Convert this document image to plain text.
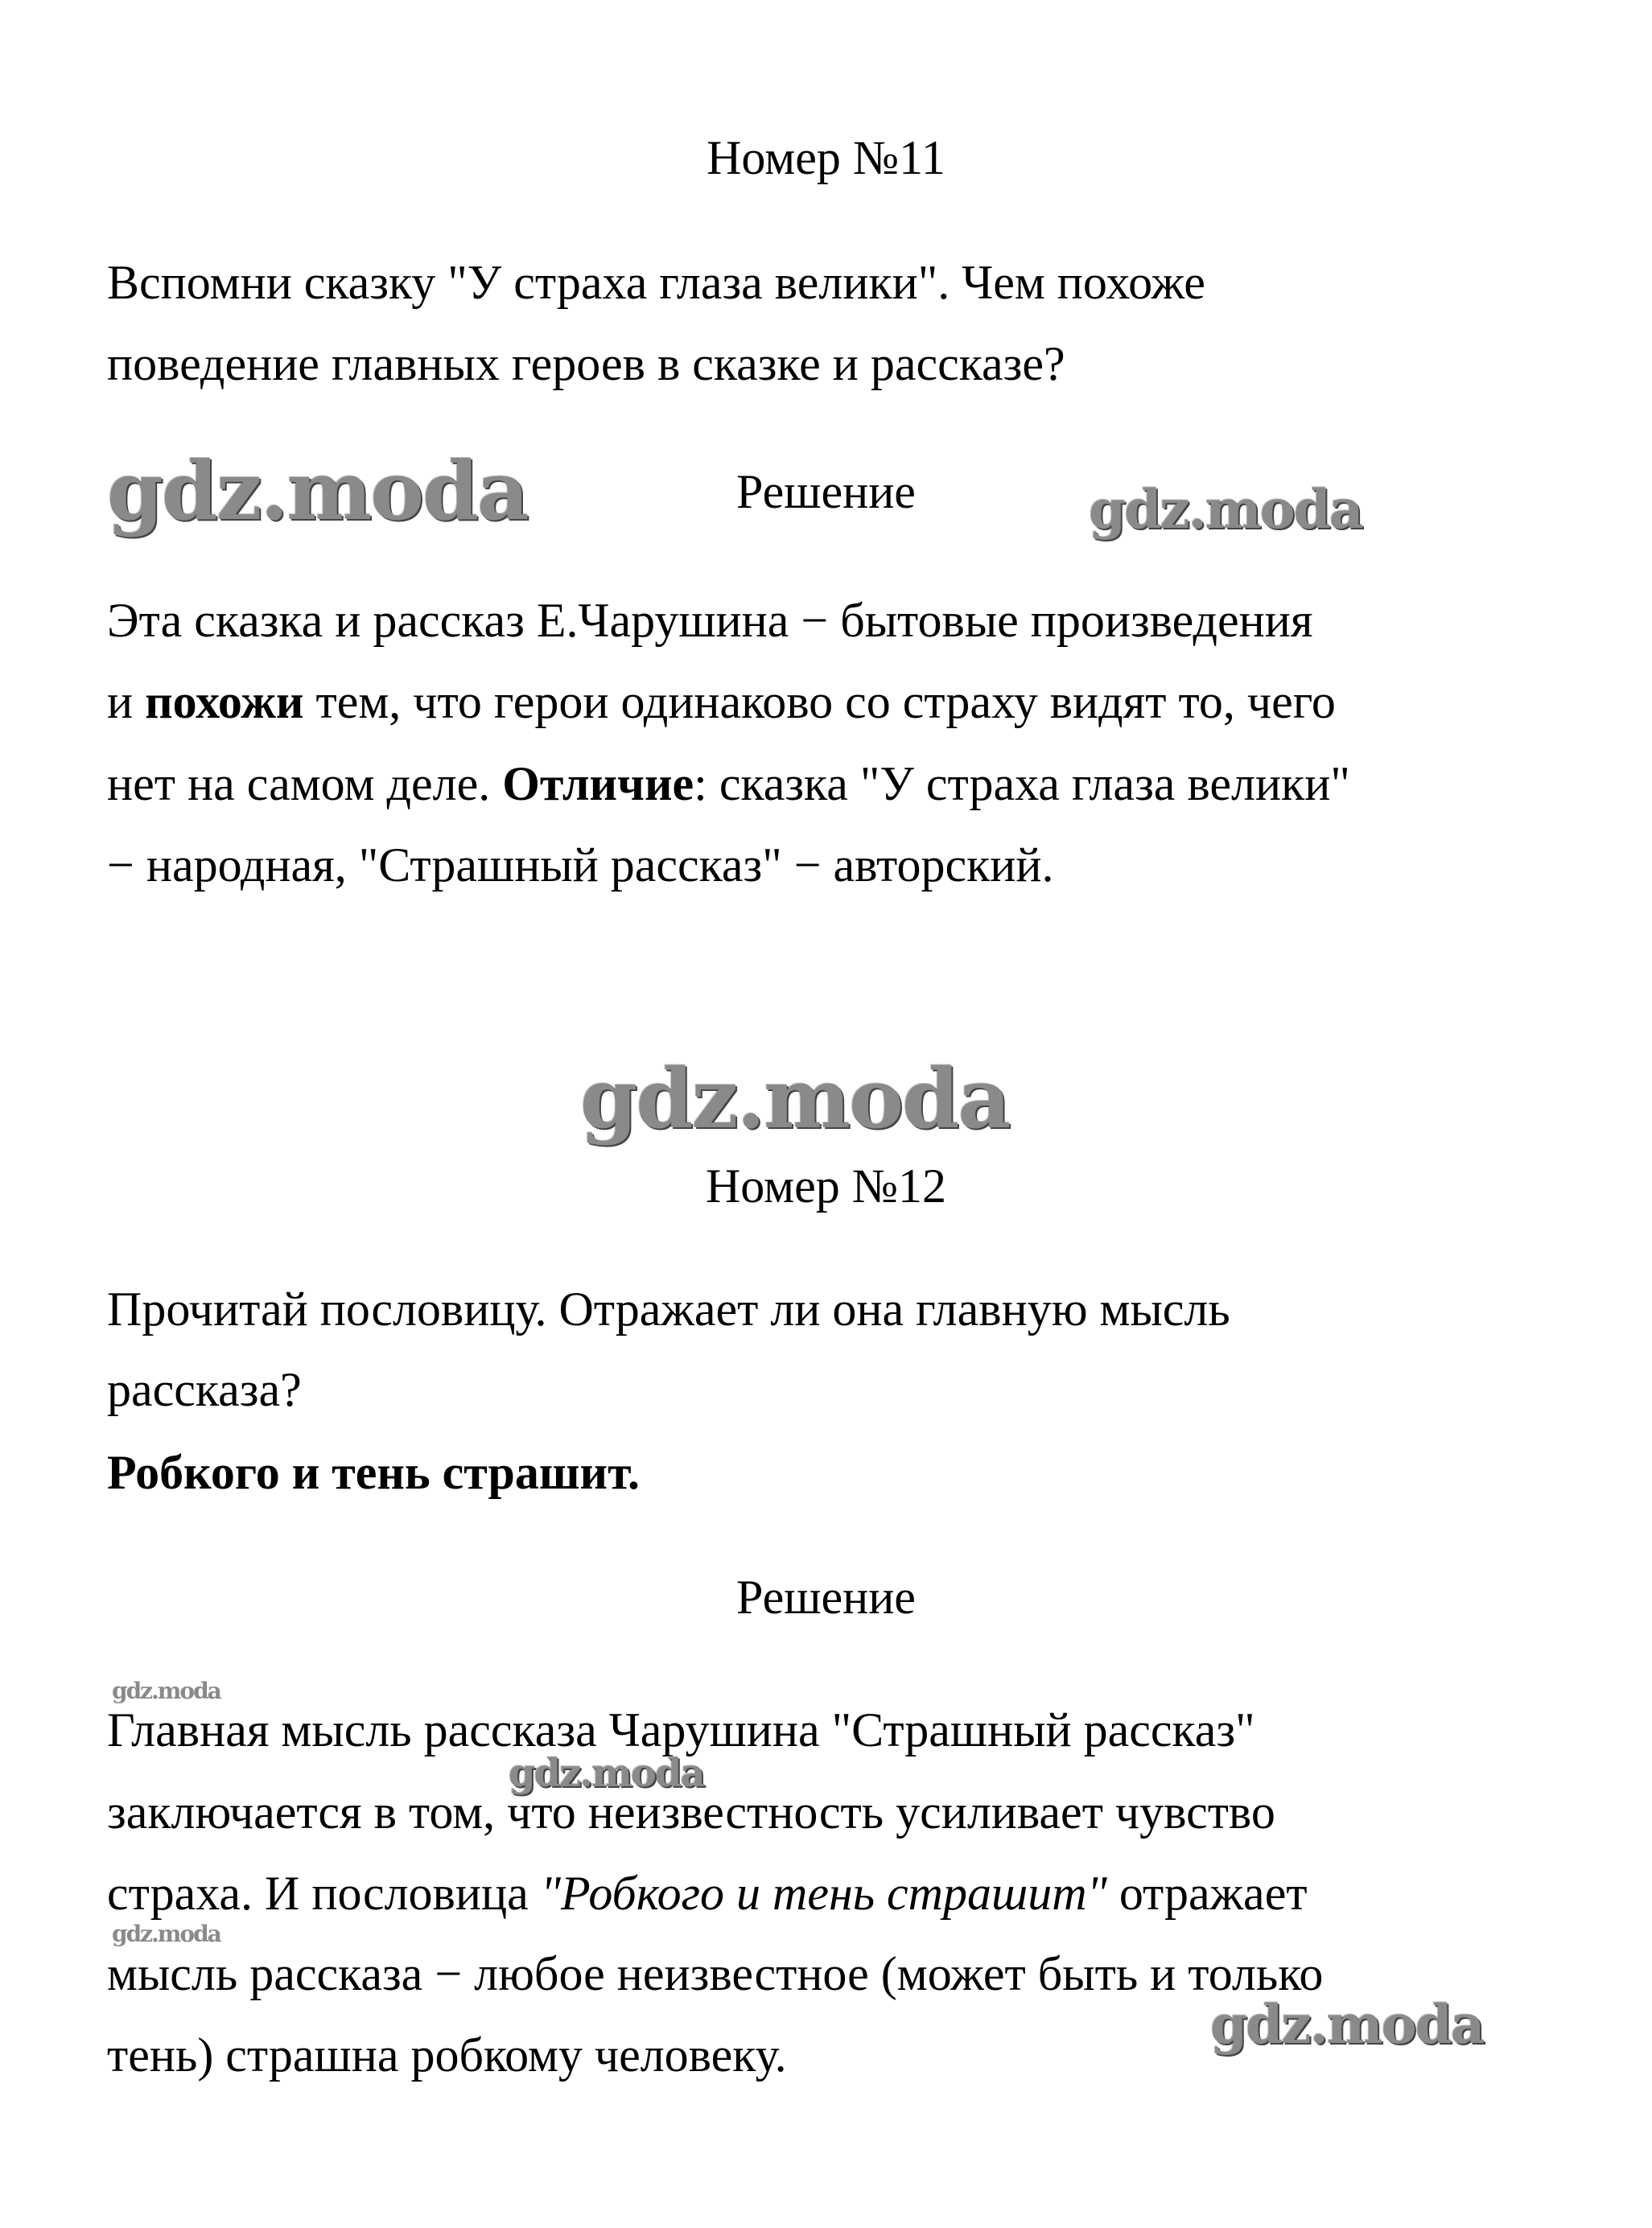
Номер №11
Вспомни сказку "У страха глаза велики". Чем похоже
поведение главных героев в сказке и рассказе?
Решение
Эта сказка и рассказ Е.Чарушина − бытовые произведения
и похожи тем, что герои одинаково со страху видят то, чего
нет на самом деле. Отличие: сказка "У страха глаза велики"
− народная, "Страшный рассказ" − авторский.
Номер №12
Прочитай пословицу. Отражает ли она главную мысль
рассказа?
Робкого и тень страшит.
Решение
Главная мысль рассказа Чарушина "Страшный рассказ"
заключается в том, что неизвестность усиливает чувство
страха. И пословица "Робкого и тень страшит" отражает
мысль рассказа − любое неизвестное (может быть и только
тень) страшна робкому человеку.
gdz.moda	gdz.moda
gdz.moda
gdz.moda
gdz.moda
gdz.moda
gdz.moda
